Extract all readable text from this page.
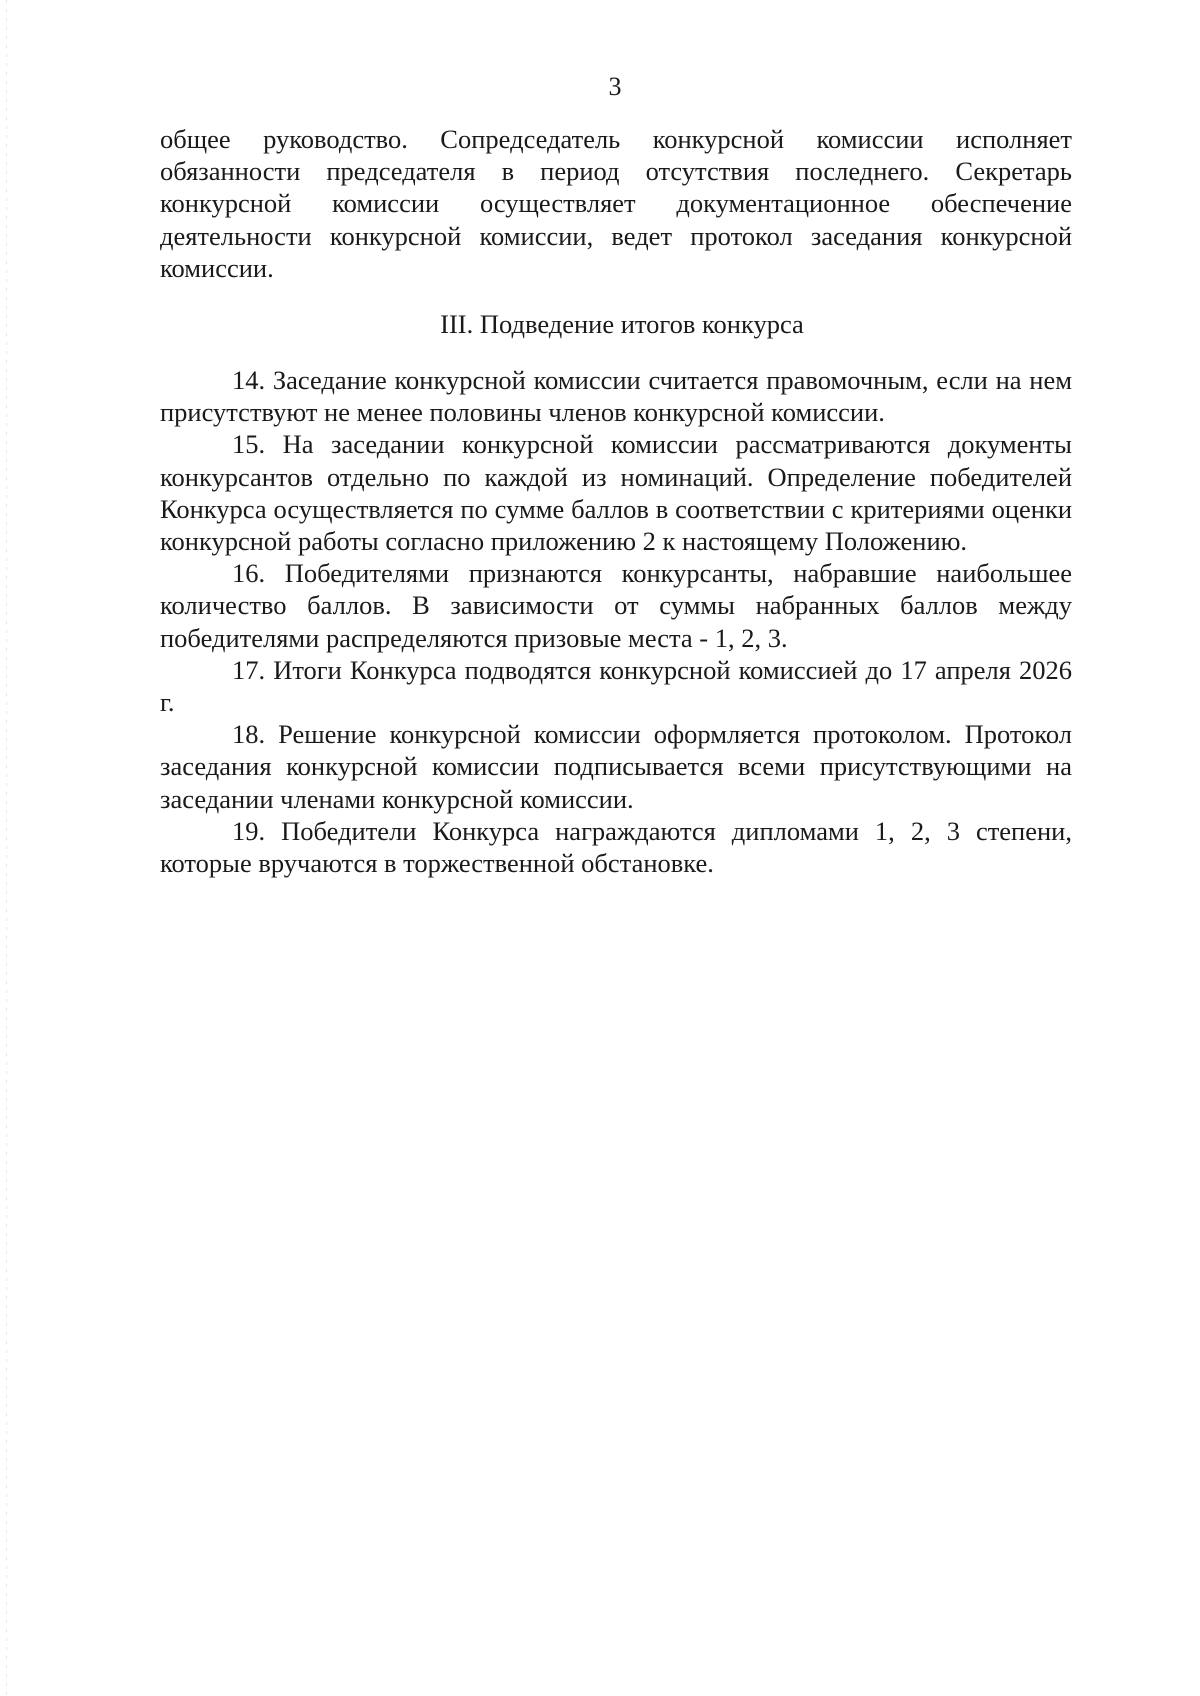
3

общее руководство. Сопредседатель конкурсной комиссии исполняет обязанности председателя в период отсутствия последнего. Секретарь конкурсной комиссии осуществляет документационное обеспечение деятельности конкурсной комиссии, ведет протокол заседания конкурсной комиссии.

III. Подведение итогов конкурса

14. Заседание конкурсной комиссии считается правомочным, если на нем присутствуют не менее половины членов конкурсной комиссии.

15. На заседании конкурсной комиссии рассматриваются документы конкурсантов отдельно по каждой из номинаций. Определение победителей Конкурса осуществляется по сумме баллов в соответствии с критериями оценки конкурсной работы согласно приложению 2 к настоящему Положению.

16. Победителями признаются конкурсанты, набравшие наибольшее количество баллов. В зависимости от суммы набранных баллов между победителями распределяются призовые места - 1, 2, 3.

17. Итоги Конкурса подводятся конкурсной комиссией до 17 апреля 2026 г.

18. Решение конкурсной комиссии оформляется протоколом. Протокол заседания конкурсной комиссии подписывается всеми присутствующими на заседании членами конкурсной комиссии.

19. Победители Конкурса награждаются дипломами 1, 2, 3 степени, которые вручаются в торжественной обстановке.
